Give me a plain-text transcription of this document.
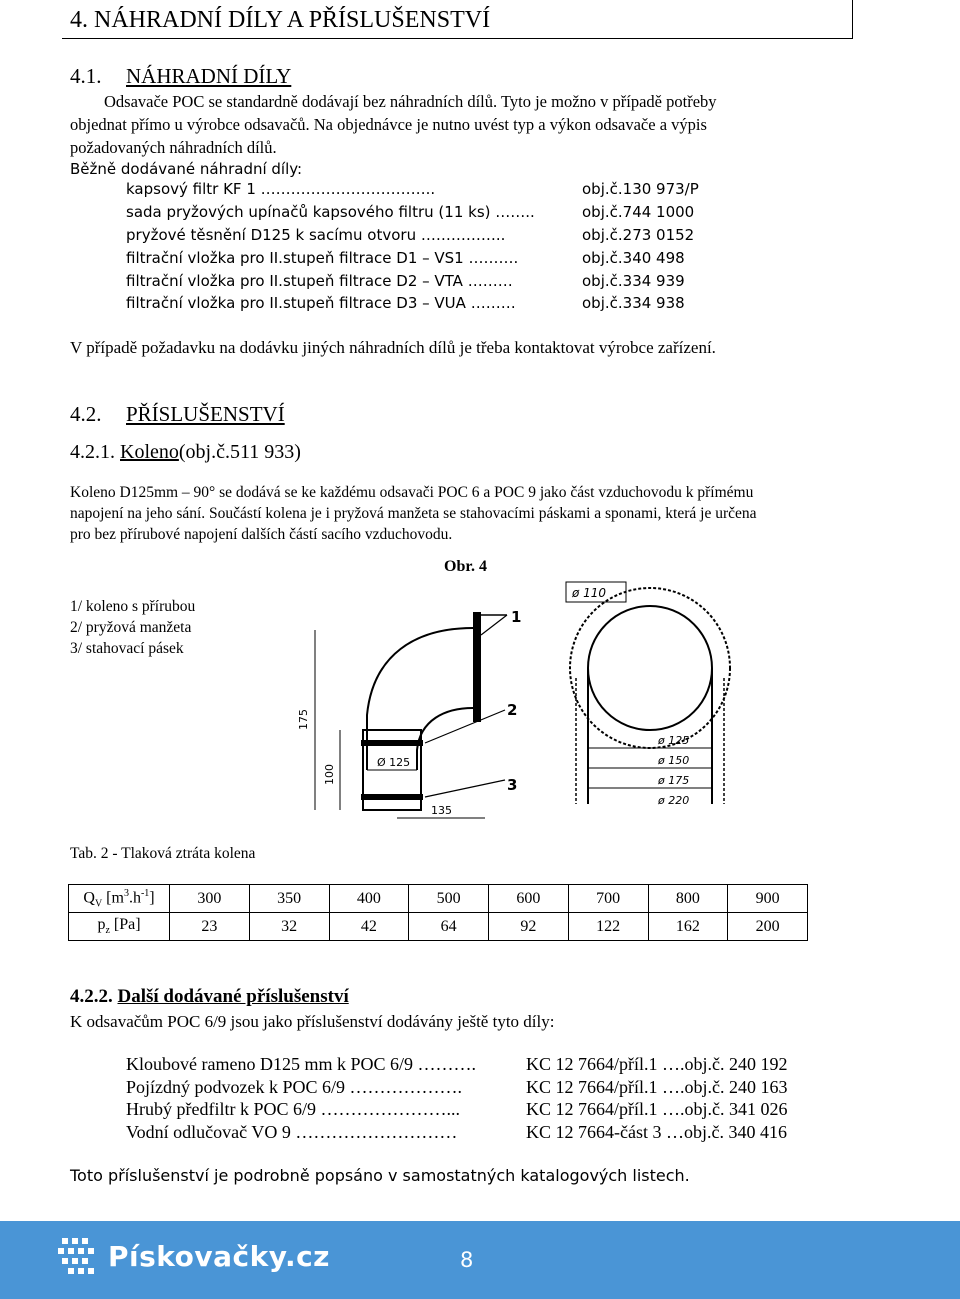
4. NÁHRADNÍ DÍLY A PŘÍSLUŠENSTVÍ
4.1. NÁHRADNÍ DÍLY
Odsavače POC se standardně dodávají bez náhradních dílů. Tyto je možno v případě potřeby
objednat přímo u výrobce odsavačů. Na objednávce je nutno uvést typ a výkon odsavače a výpis
požadovaných náhradních dílů.
Běžně dodávané náhradní díly:
kapsový filtr KF 1 ……………………………..	obj.č.130 973/P
sada pryžových upínačů kapsového filtru (11 ks) ……..	obj.č.744 1000
pryžové těsnění D125 k sacímu otvoru ……………..	obj.č.273 0152
filtrační vložka pro II.stupeň filtrace D1 – VS1 ……….	obj.č.340 498
filtrační vložka pro II.stupeň filtrace D2 – VTA ………	obj.č.334 939
filtrační vložka pro II.stupeň filtrace D3 – VUA ………	obj.č.334 938
V případě požadavku na dodávku jiných náhradních dílů je třeba kontaktovat výrobce zařízení.
4.2. PŘÍSLUŠENSTVÍ
4.2.1. Koleno(obj.č.511 933)
Koleno D125mm – 90° se dodává se ke každému odsavači POC 6 a POC 9 jako část vzduchovodu k přímému
napojení na jeho sání. Součástí kolena je i pryžová manžeta se stahovacími páskami a sponami, která je určena
pro bez přírubové napojení dalších částí sacího vzduchovodu.
Obr. 4
1/ koleno s přírubou
2/ pryžová manžeta
3/ stahovací pásek
1
2
3
175
100
Ø 125
135
ø 110
ø 125
ø 150
ø 175
ø 220
Tab. 2 - Tlaková ztráta kolena
$Q_V$ $[m^3.h^{-1}]$	300	350	400	500	600	700	800	900
$p_z$ [Pa]	23	32	42	64	92	122	162	200
4.2.2. Další dodávané příslušenství
K odsavačům POC 6/9 jsou jako příslušenství dodávány ještě tyto díly:
Kloubové rameno D125 mm k POC 6/9 ……….	KC 12 7664/příl.1 ….obj.č. 240 192
Pojízdný podvozek k POC 6/9 ……………….	KC 12 7664/příl.1 ….obj.č. 240 163
Hrubý předfiltr k POC 6/9 …………………...	KC 12 7664/příl.1 ….obj.č. 341 026
Vodní odlučovač VO 9 ………………………	KC 12 7664-část 3 …obj.č. 340 416
Toto příslušenství je podrobně popsáno v samostatných katalogových listech.
Pískovačky.cz	8
